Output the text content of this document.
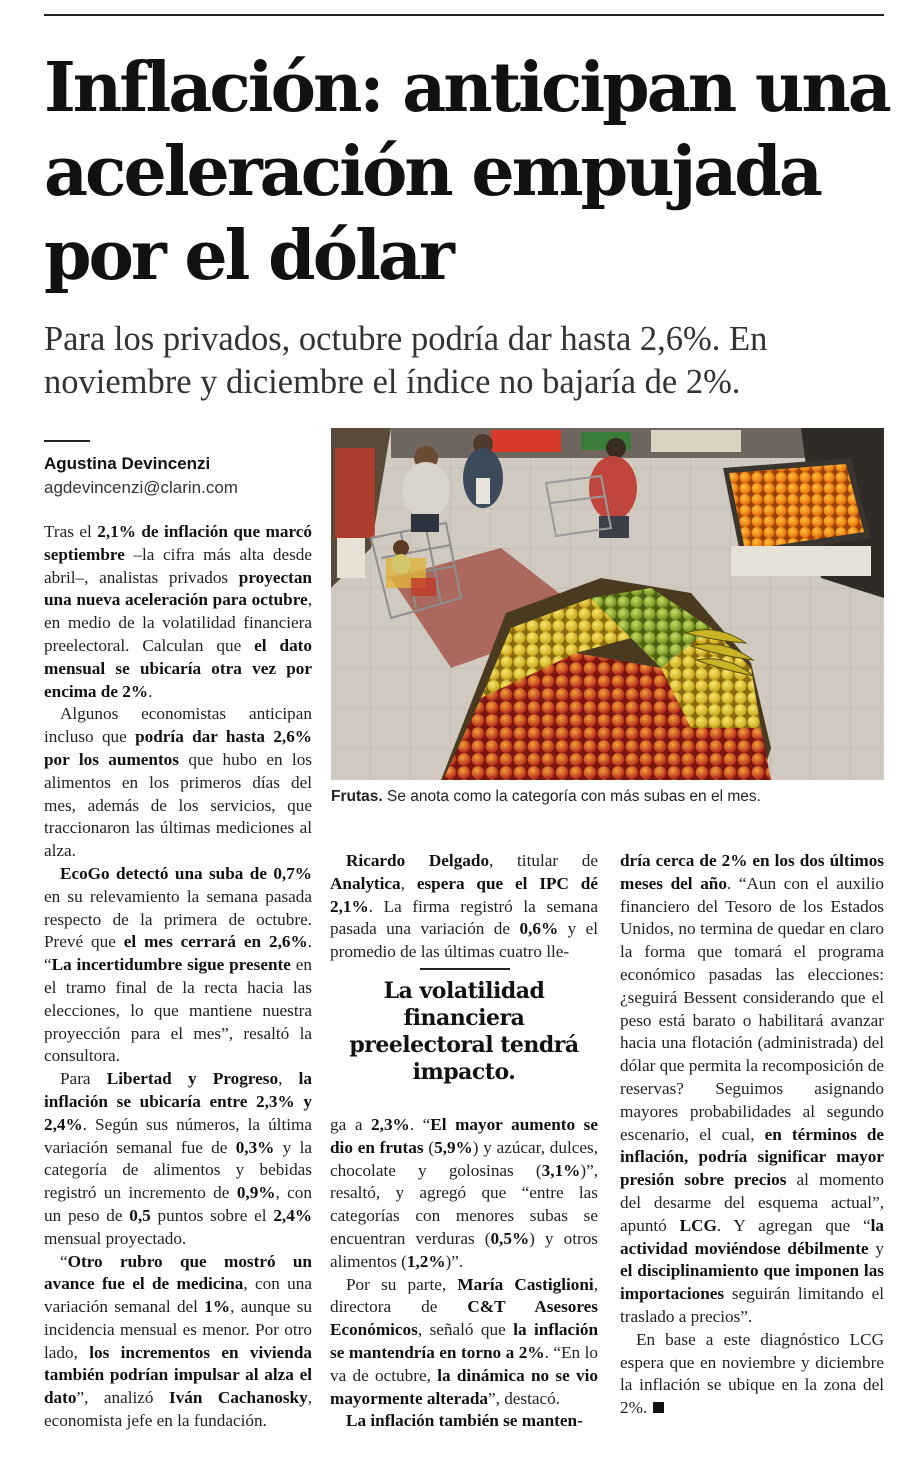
Inflación: anticipan una aceleración empujada por el dólar

Para los privados, octubre podría dar hasta 2,6%. En noviembre y diciembre el índice no bajaría de 2%.

Agustina Devincenzi
agdevincenzi@clarin.com

Tras el 2,1% de inflación que marcó septiembre –la cifra más alta desde abril–, analistas privados proyectan una nueva aceleración para octubre, en medio de la volatilidad financiera preelectoral. Calculan que el dato mensual se ubicaría otra vez por encima de 2%.

Algunos economistas anticipan incluso que podría dar hasta 2,6% por los aumentos que hubo en los alimentos en los primeros días del mes, además de los servicios, que traccionaron las últimas mediciones al alza.

EcoGo detectó una suba de 0,7% en su relevamiento la semana pasada respecto de la primera de octubre. Prevé que el mes cerrará en 2,6%. “La incertidumbre sigue presente en el tramo final de la recta hacia las elecciones, lo que mantiene nuestra proyección para el mes”, resaltó la consultora.

Para Libertad y Progreso, la inflación se ubicaría entre 2,3% y 2,4%. Según sus números, la última variación semanal fue de 0,3% y la categoría de alimentos y bebidas registró un incremento de 0,9%, con un peso de 0,5 puntos sobre el 2,4% mensual proyectado.

“Otro rubro que mostró un avance fue el de medicina, con una variación semanal del 1%, aunque su incidencia mensual es menor. Por otro lado, los incrementos en vivienda también podrían impulsar al alza el dato”, analizó Iván Cachanosky, economista jefe en la fundación.

Frutas. Se anota como la categoría con más subas en el mes.

Ricardo Delgado, titular de Analytica, espera que el IPC dé 2,1%. La firma registró la semana pasada una variación de 0,6% y el promedio de las últimas cuatro lle-

La volatilidad financiera preelectoral tendrá impacto.

ga a 2,3%. “El mayor aumento se dio en frutas (5,9%) y azúcar, dulces, chocolate y golosinas (3,1%)”, resaltó, y agregó que “entre las categorías con menores subas se encuentran verduras (0,5%) y otros alimentos (1,2%)”.

Por su parte, María Castiglioni, directora de C&T Asesores Económicos, señaló que la inflación se mantendría en torno a 2%. “En lo va de octubre, la dinámica no se vio mayormente alterada”, destacó.

La inflación también se manten-

dría cerca de 2% en los dos últimos meses del año. “Aun con el auxilio financiero del Tesoro de los Estados Unidos, no termina de quedar en claro la forma que tomará el programa económico pasadas las elecciones: ¿seguirá Bessent considerando que el peso está barato o habilitará avanzar hacia una flotación (administrada) del dólar que permita la recomposición de reservas? Seguimos asignando mayores probabilidades al segundo escenario, el cual, en términos de inflación, podría significar mayor presión sobre precios al momento del desarme del esquema actual”, apuntó LCG. Y agregan que “la actividad moviéndose débilmente y el disciplinamiento que imponen las importaciones seguirán limitando el traslado a precios”.

En base a este diagnóstico LCG espera que en noviembre y diciembre la inflación se ubique en la zona del 2%.
